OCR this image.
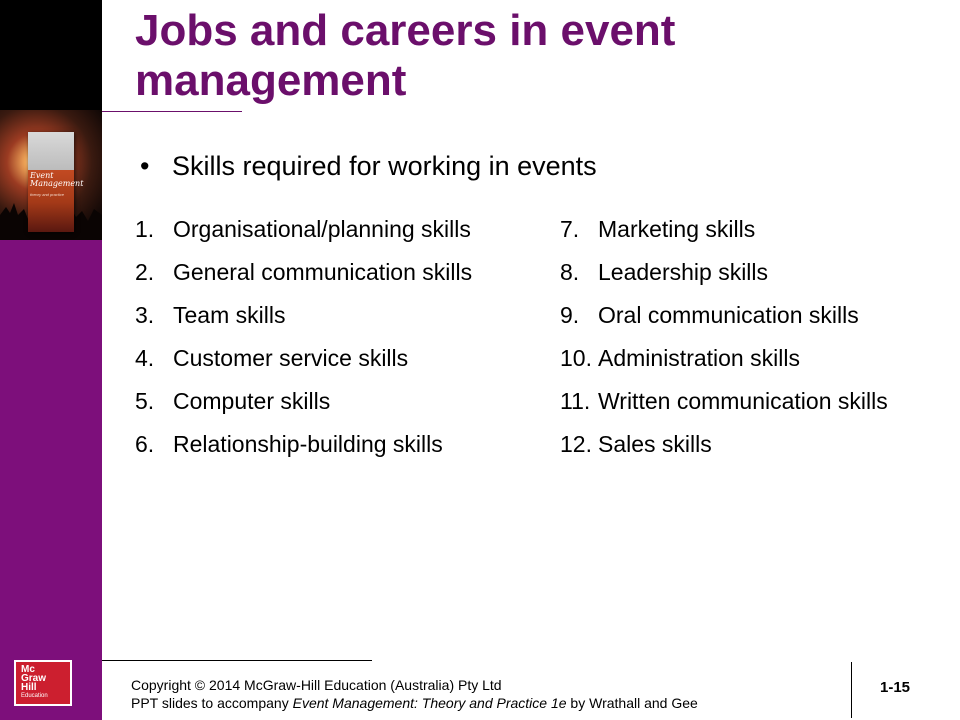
Event Management
theory and practice
Mc
Graw
Hill
Education
Jobs and careers in event management
• Skills required for working in events
1. Organisational/planning skills
2. General communication skills
3. Team skills
4. Customer service skills
5. Computer skills
6. Relationship-building skills
7. Marketing skills
8. Leadership skills
9. Oral communication skills
10. Administration skills
11. Written communication skills
12. Sales skills
Copyright © 2014 McGraw-Hill Education (Australia) Pty Ltd
PPT slides to accompany Event Management: Theory and Practice 1e by Wrathall and Gee
1-15
